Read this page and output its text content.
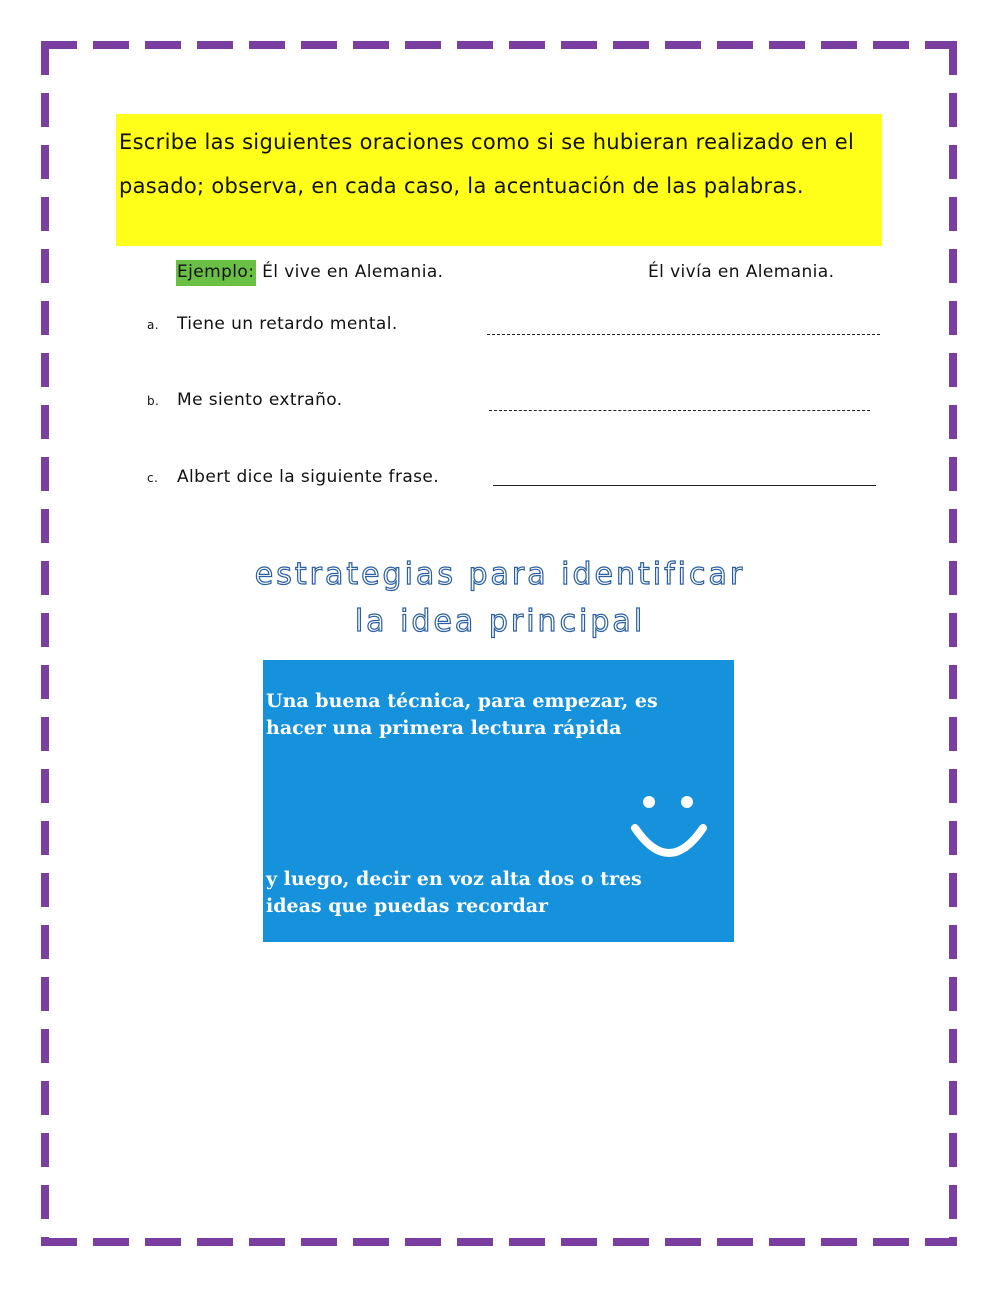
Escribe las siguientes oraciones como si se hubieran realizado en el pasado; observa, en cada caso, la acentuación de las palabras.
Ejemplo: Él vive en Alemania.	Él vivía en Alemania.
a. Tiene un retardo mental.
b. Me siento extraño.
c. Albert dice la siguiente frase.
estrategias para identificar
la idea principal
Una buena técnica, para empezar, es hacer una primera lectura rápida
y luego, decir en voz alta dos o tres ideas que puedas recordar
